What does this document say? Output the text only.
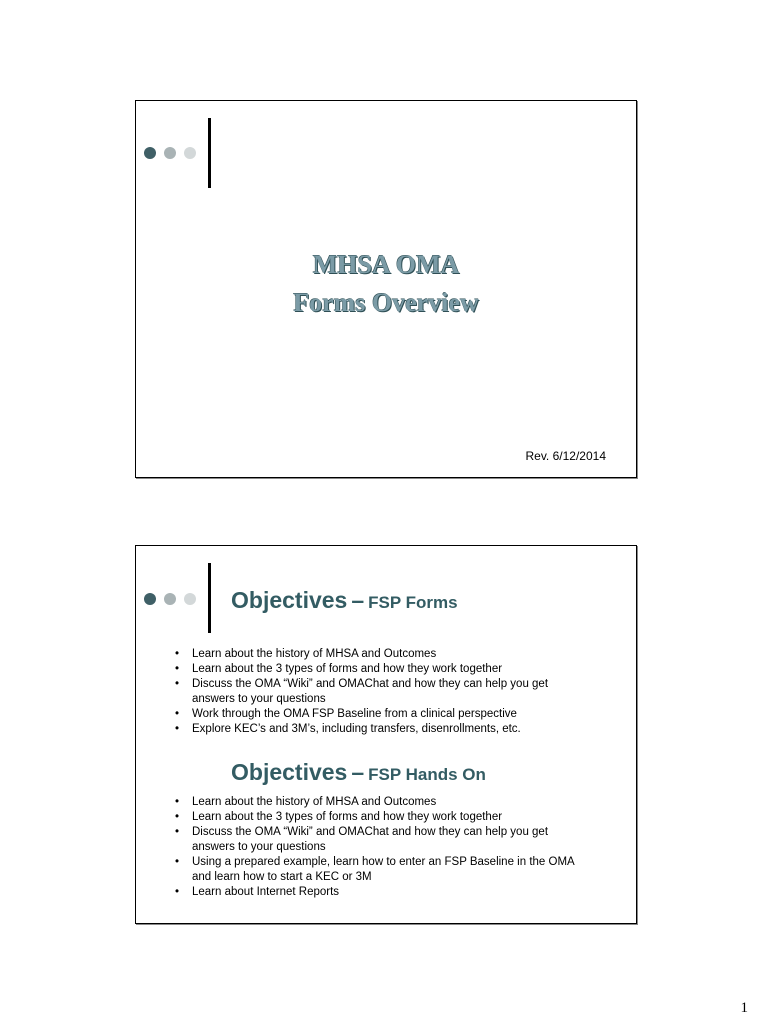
MHSA OMA
Forms Overview
Rev. 6/12/2014
Objectives – FSP Forms
• Learn about the history of MHSA and Outcomes
• Learn about the 3 types of forms and how they work together
• Discuss the OMA “Wiki” and OMAChat and how they can help you get answers to your questions
• Work through the OMA FSP Baseline from a clinical perspective
• Explore KEC’s and 3M’s, including transfers, disenrollments, etc.
Objectives – FSP Hands On
• Learn about the history of MHSA and Outcomes
• Learn about the 3 types of forms and how they work together
• Discuss the OMA “Wiki” and OMAChat and how they can help you get answers to your questions
• Using a prepared example, learn how to enter an FSP Baseline in the OMA and learn how to start a KEC or 3M
• Learn about Internet Reports
1
